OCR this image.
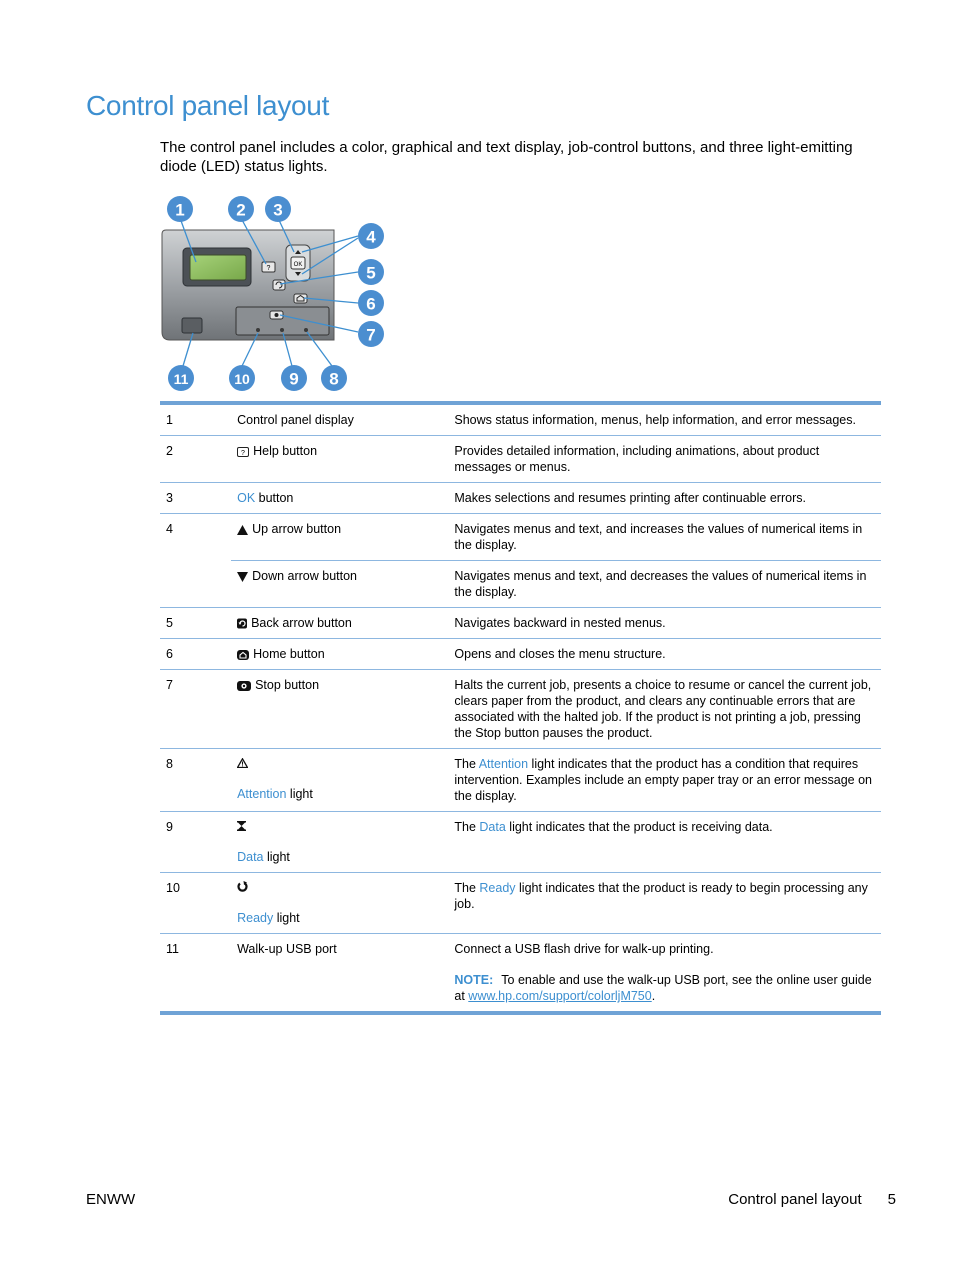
Control panel layout

The control panel includes a color, graphical and text display, job-control buttons, and three light-emitting diode (LED) status lights.

?	OK
1	2 3
4
5
6
7
8
9
10
11
1	Control panel display	Shows status information, menus, help information, and error messages.
2	? Help button	Provides detailed information, including animations, about product messages or menus.
3	OK button	Makes selections and resumes printing after continuable errors.
4	Up arrow button	Navigates menus and text, and increases the values of numerical items in the display.
	Down arrow button	Navigates menus and text, and decreases the values of numerical items in the display.
5	Back arrow button	Navigates backward in nested menus.
6	Home button	Opens and closes the menu structure.
7	Stop button	Halts the current job, presents a choice to resume or cancel the current job, clears paper from the product, and clears any continuable errors that are associated with the halted job. If the product is not printing a job, pressing the Stop button pauses the product.
8	Attention light	The Attention light indicates that the product has a condition that requires intervention. Examples include an empty paper tray or an error message on the display.
9	Data light	The Data light indicates that the product is receiving data.
10	Ready light	The Ready light indicates that the product is ready to begin processing any job.
11	Walk-up USB port	Connect a USB flash drive for walk-up printing.
NOTE: To enable and use the walk-up USB port, see the online user guide at www.hp.com/support/colorljM750.
ENWW	Control panel layout 5
